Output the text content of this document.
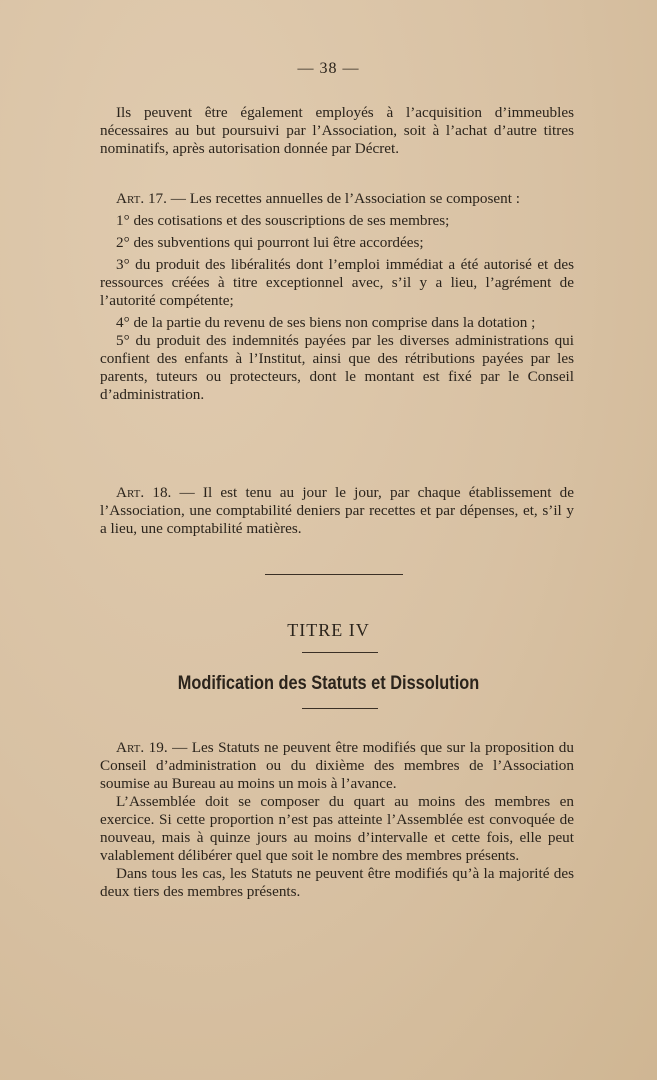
— 38 —

Ils peuvent être également employés à l’acquisition d’immeubles nécessaires au but poursuivi par l’Association, soit à l’achat d’autre titres nominatifs, après autorisation donnée par Décret.

Art. 17. — Les recettes annuelles de l’Association se composent :

1° des cotisations et des souscriptions de ses membres;

2° des subventions qui pourront lui être accordées;

3° du produit des libéralités dont l’emploi immédiat a été autorisé et des ressources créées à titre exceptionnel avec, s’il y a lieu, l’agrément de l’autorité compétente;

4° de la partie du revenu de ses biens non comprise dans la dotation ;

5° du produit des indemnités payées par les diverses administrations qui confient des enfants à l’Institut, ainsi que des rétributions payées par les parents, tuteurs ou protecteurs, dont le montant est fixé par le Conseil d’administration.

Art. 18. — Il est tenu au jour le jour, par chaque établissement de l’Association, une comptabilité deniers par recettes et par dépenses, et, s’il y a lieu, une comptabilité matières.

TITRE IV
Modification des Statuts et Dissolution

Art. 19. — Les Statuts ne peuvent être modifiés que sur la proposition du Conseil d’administration ou du dixième des membres de l’Association soumise au Bureau au moins un mois à l’avance.

L’Assemblée doit se composer du quart au moins des membres en exercice. Si cette proportion n’est pas atteinte l’Assemblée est convoquée de nouveau, mais à quinze jours au moins d’intervalle et cette fois, elle peut valablement délibérer quel que soit le nombre des membres présents.

Dans tous les cas, les Statuts ne peuvent être modifiés qu’à la majorité des deux tiers des membres présents.
